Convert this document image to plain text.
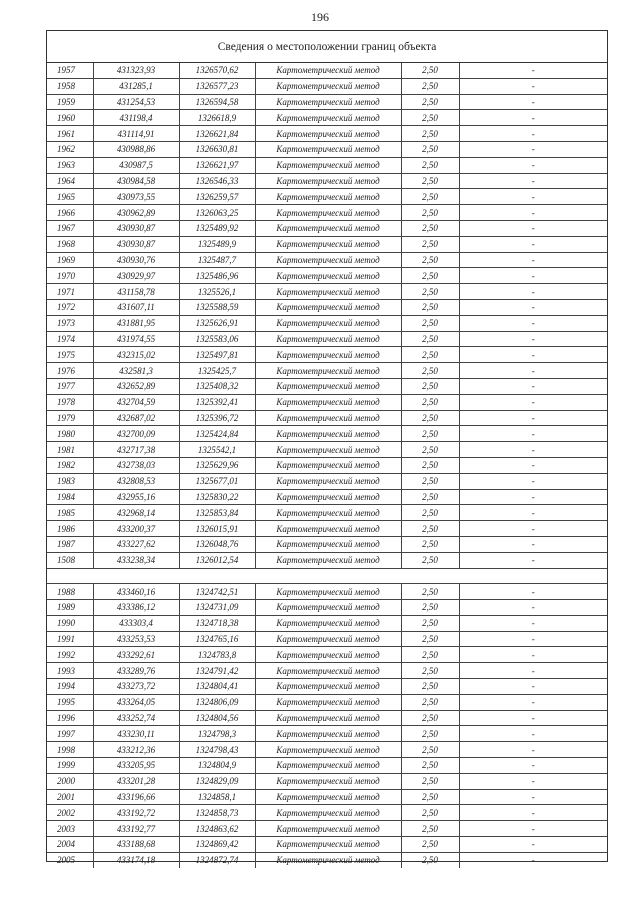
196
Сведения о местоположении границ объекта
1957	431323,93	1326570,62	Картометрический метод	2,50	-
1958	431285,1	1326577,23	Картометрический метод	2,50	-
1959	431254,53	1326594,58	Картометрический метод	2,50	-
1960	431198,4	1326618,9	Картометрический метод	2,50	-
1961	431114,91	1326621,84	Картометрический метод	2,50	-
1962	430988,86	1326630,81	Картометрический метод	2,50	-
1963	430987,5	1326621,97	Картометрический метод	2,50	-
1964	430984,58	1326546,33	Картометрический метод	2,50	-
1965	430973,55	1326259,57	Картометрический метод	2,50	-
1966	430962,89	1326063,25	Картометрический метод	2,50	-
1967	430930,87	1325489,92	Картометрический метод	2,50	-
1968	430930,87	1325489,9	Картометрический метод	2,50	-
1969	430930,76	1325487,7	Картометрический метод	2,50	-
1970	430929,97	1325486,96	Картометрический метод	2,50	-
1971	431158,78	1325526,1	Картометрический метод	2,50	-
1972	431607,11	1325588,59	Картометрический метод	2,50	-
1973	431881,95	1325626,91	Картометрический метод	2,50	-
1974	431974,55	1325583,06	Картометрический метод	2,50	-
1975	432315,02	1325497,81	Картометрический метод	2,50	-
1976	432581,3	1325425,7	Картометрический метод	2,50	-
1977	432652,89	1325408,32	Картометрический метод	2,50	-
1978	432704,59	1325392,41	Картометрический метод	2,50	-
1979	432687,02	1325396,72	Картометрический метод	2,50	-
1980	432700,09	1325424,84	Картометрический метод	2,50	-
1981	432717,38	1325542,1	Картометрический метод	2,50	-
1982	432738,03	1325629,96	Картометрический метод	2,50	-
1983	432808,53	1325677,01	Картометрический метод	2,50	-
1984	432955,16	1325830,22	Картометрический метод	2,50	-
1985	432968,14	1325853,84	Картометрический метод	2,50	-
1986	433200,37	1326015,91	Картометрический метод	2,50	-
1987	433227,62	1326048,76	Картометрический метод	2,50	-
1508	433238,34	1326012,54	Картометрический метод	2,50	-
1988	433460,16	1324742,51	Картометрический метод	2,50	-
1989	433386,12	1324731,09	Картометрический метод	2,50	-
1990	433303,4	1324718,38	Картометрический метод	2,50	-
1991	433253,53	1324765,16	Картометрический метод	2,50	-
1992	433292,61	1324783,8	Картометрический метод	2,50	-
1993	433289,76	1324791,42	Картометрический метод	2,50	-
1994	433273,72	1324804,41	Картометрический метод	2,50	-
1995	433264,05	1324806,09	Картометрический метод	2,50	-
1996	433252,74	1324804,56	Картометрический метод	2,50	-
1997	433230,11	1324798,3	Картометрический метод	2,50	-
1998	433212,36	1324798,43	Картометрический метод	2,50	-
1999	433205,95	1324804,9	Картометрический метод	2,50	-
2000	433201,28	1324829,09	Картометрический метод	2,50	-
2001	433196,66	1324858,1	Картометрический метод	2,50	-
2002	433192,72	1324858,73	Картометрический метод	2,50	-
2003	433192,77	1324863,62	Картометрический метод	2,50	-
2004	433188,68	1324869,42	Картометрический метод	2,50	-
2005	433174,18	1324872,74	Картометрический метод	2,50	-
